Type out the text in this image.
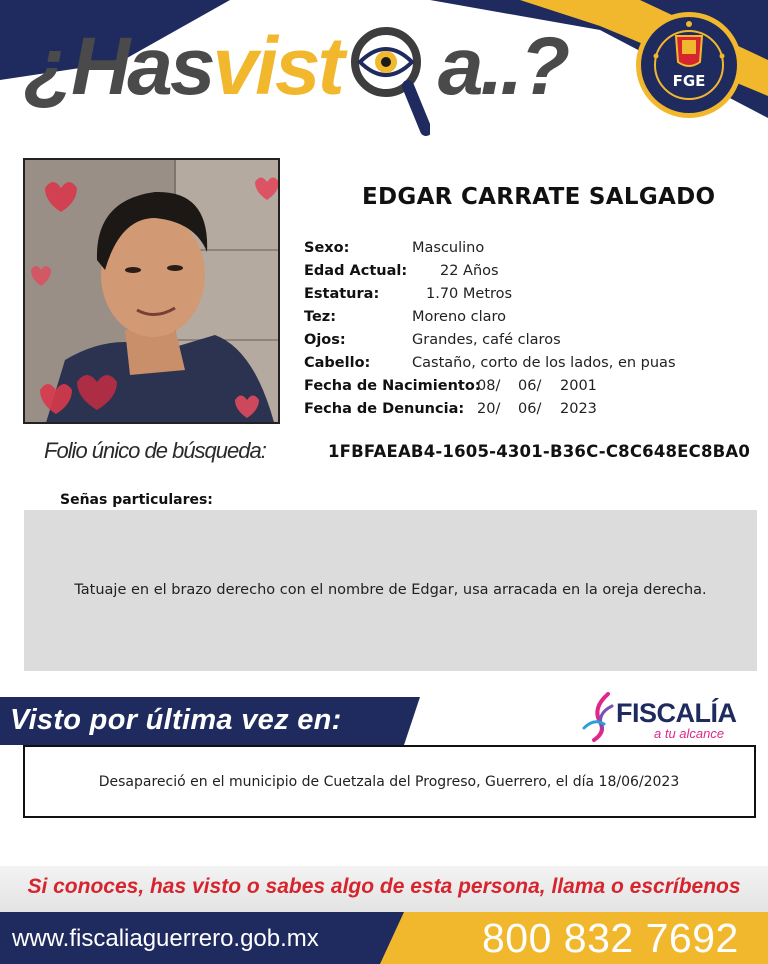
¿Has vist a..?	FGE
EDGAR CARRATE SALGADO
Sexo:	Masculino
Edad Actual: 22 Años
Estatura:	1.70 Metros
Tez:	Moreno claro
Ojos:	Grandes, café claros
Cabello:	Castaño, corto de los lados, en puas
Fecha de Nacimiento:
08/ 06/ 2001
Fecha de Denuncia: 20/ 06/ 2023
Folio único de búsqueda:	1FBFAEAB4-1605-4301-B36C-C8C648EC8BA0
Señas particulares:
Tatuaje en el brazo derecho con el nombre de Edgar, usa arracada en la oreja derecha.
Visto por última vez en:	FISCALÍA
a tu alcance
Desapareció en el municipio de Cuetzala del Progreso, Guerrero, el día 18/06/2023
Si conoces, has visto o sabes algo de esta persona, llama o escríbenos
www.fiscaliaguerrero.gob.mx	800 832 7692
